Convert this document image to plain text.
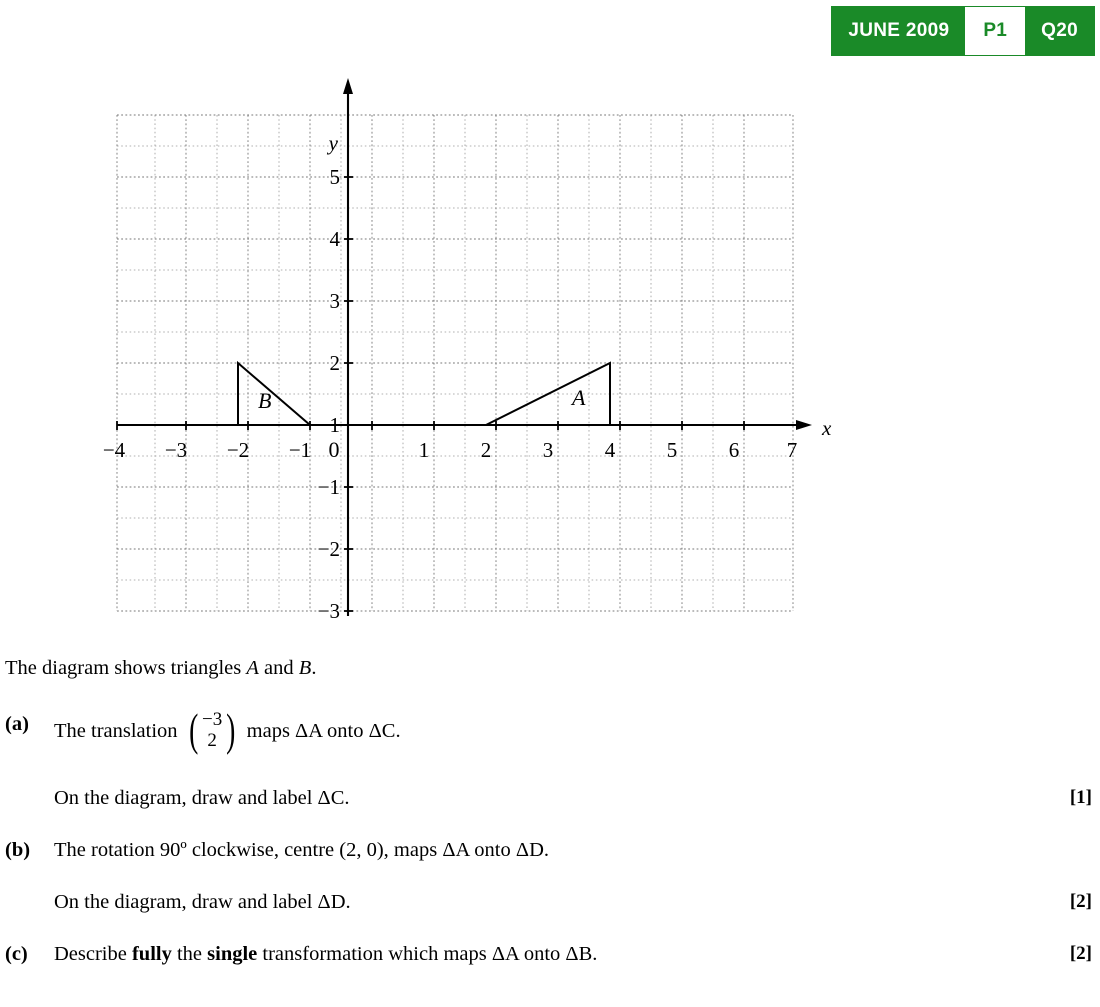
JUNE 2009	P1	Q20
x
y
−4 −3 −2 −1	1 2 3 4 5 6 7
0
5
4
3
2
1
−1
−2
−3
A
B

The diagram shows triangles A and B.

(a)	The translation ( −3
2 ) maps ΔA onto ΔC.
On the diagram, draw and label ΔC.	[1]
(b)	The rotation 90º clockwise, centre (2, 0), maps ΔA onto ΔD.
On the diagram, draw and label ΔD.	[2]
(c)	Describe fully the single transformation which maps ΔA onto ΔB.	[2]
